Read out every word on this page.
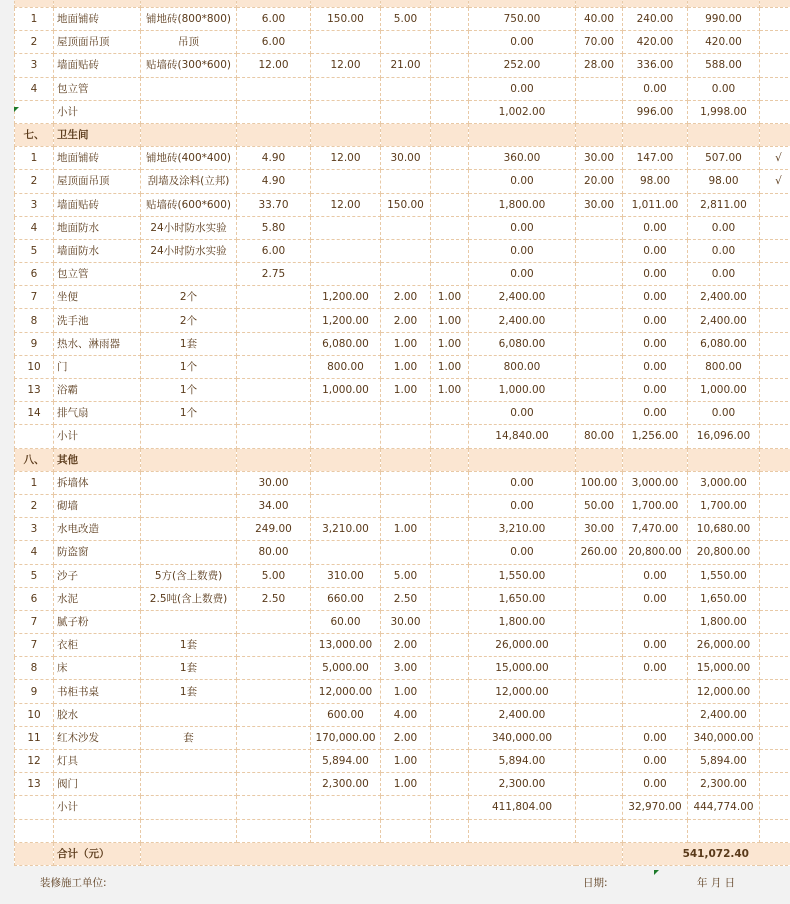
1	地面铺砖	铺地砖(800*800)	6.00	150.00	5.00		750.00	40.00	240.00	990.00	
2	屋顶面吊顶	吊顶	6.00				0.00	70.00	420.00	420.00	
3	墙面贴砖	贴墙砖(300*600)	12.00	12.00	21.00		252.00	28.00	336.00	588.00	
4	包立管						0.00		0.00	0.00	
	小计						1,002.00		996.00	1,998.00	
七、	卫生间										
1	地面铺砖	铺地砖(400*400)	4.90	12.00	30.00		360.00	30.00	147.00	507.00	√
2	屋顶面吊顶	刮墙及涂料(立邦)	4.90				0.00	20.00	98.00	98.00	√
3	墙面贴砖	贴墙砖(600*600)	33.70	12.00	150.00		1,800.00	30.00	1,011.00	2,811.00	
4	地面防水	24小时防水实验	5.80				0.00		0.00	0.00	
5	墙面防水	24小时防水实验	6.00				0.00		0.00	0.00	
6	包立管		2.75				0.00		0.00	0.00	
7	坐便	2个		1,200.00	2.00	1.00	2,400.00		0.00	2,400.00	
8	洗手池	2个		1,200.00	2.00	1.00	2,400.00		0.00	2,400.00	
9	热水、淋雨器	1套		6,080.00	1.00	1.00	6,080.00		0.00	6,080.00	
10	门	1个		800.00	1.00	1.00	800.00		0.00	800.00	
13	浴霸	1个		1,000.00	1.00	1.00	1,000.00		0.00	1,000.00	
14	排气扇	1个					0.00		0.00	0.00	
	小计						14,840.00	80.00	1,256.00	16,096.00	
八、	其他										
1	拆墙体		30.00				0.00	100.00	3,000.00	3,000.00	
2	砌墙		34.00				0.00	50.00	1,700.00	1,700.00	
3	水电改造		249.00	3,210.00	1.00		3,210.00	30.00	7,470.00	10,680.00	
4	防盗窗		80.00				0.00	260.00	20,800.00	20,800.00	
5	沙子	5方(含上数费)	5.00	310.00	5.00		1,550.00		0.00	1,550.00	
6	水泥	2.5吨(含上数费)	2.50	660.00	2.50		1,650.00		0.00	1,650.00	
7	腻子粉			60.00	30.00		1,800.00			1,800.00	
7	衣柜	1套		13,000.00	2.00		26,000.00		0.00	26,000.00	
8	床	1套		5,000.00	3.00		15,000.00		0.00	15,000.00	
9	书柜书桌	1套		12,000.00	1.00		12,000.00			12,000.00	
10	胶水			600.00	4.00		2,400.00			2,400.00	
11	红木沙发	套		170,000.00	2.00		340,000.00		0.00	340,000.00	
12	灯具			5,894.00	1.00		5,894.00		0.00	5,894.00	
13	阀门			2,300.00	1.00		2,300.00		0.00	2,300.00	
	小计						411,804.00		32,970.00	444,774.00	

	合计（元）								541,072.40		
装修施工单位:	日期:	年 月 日
